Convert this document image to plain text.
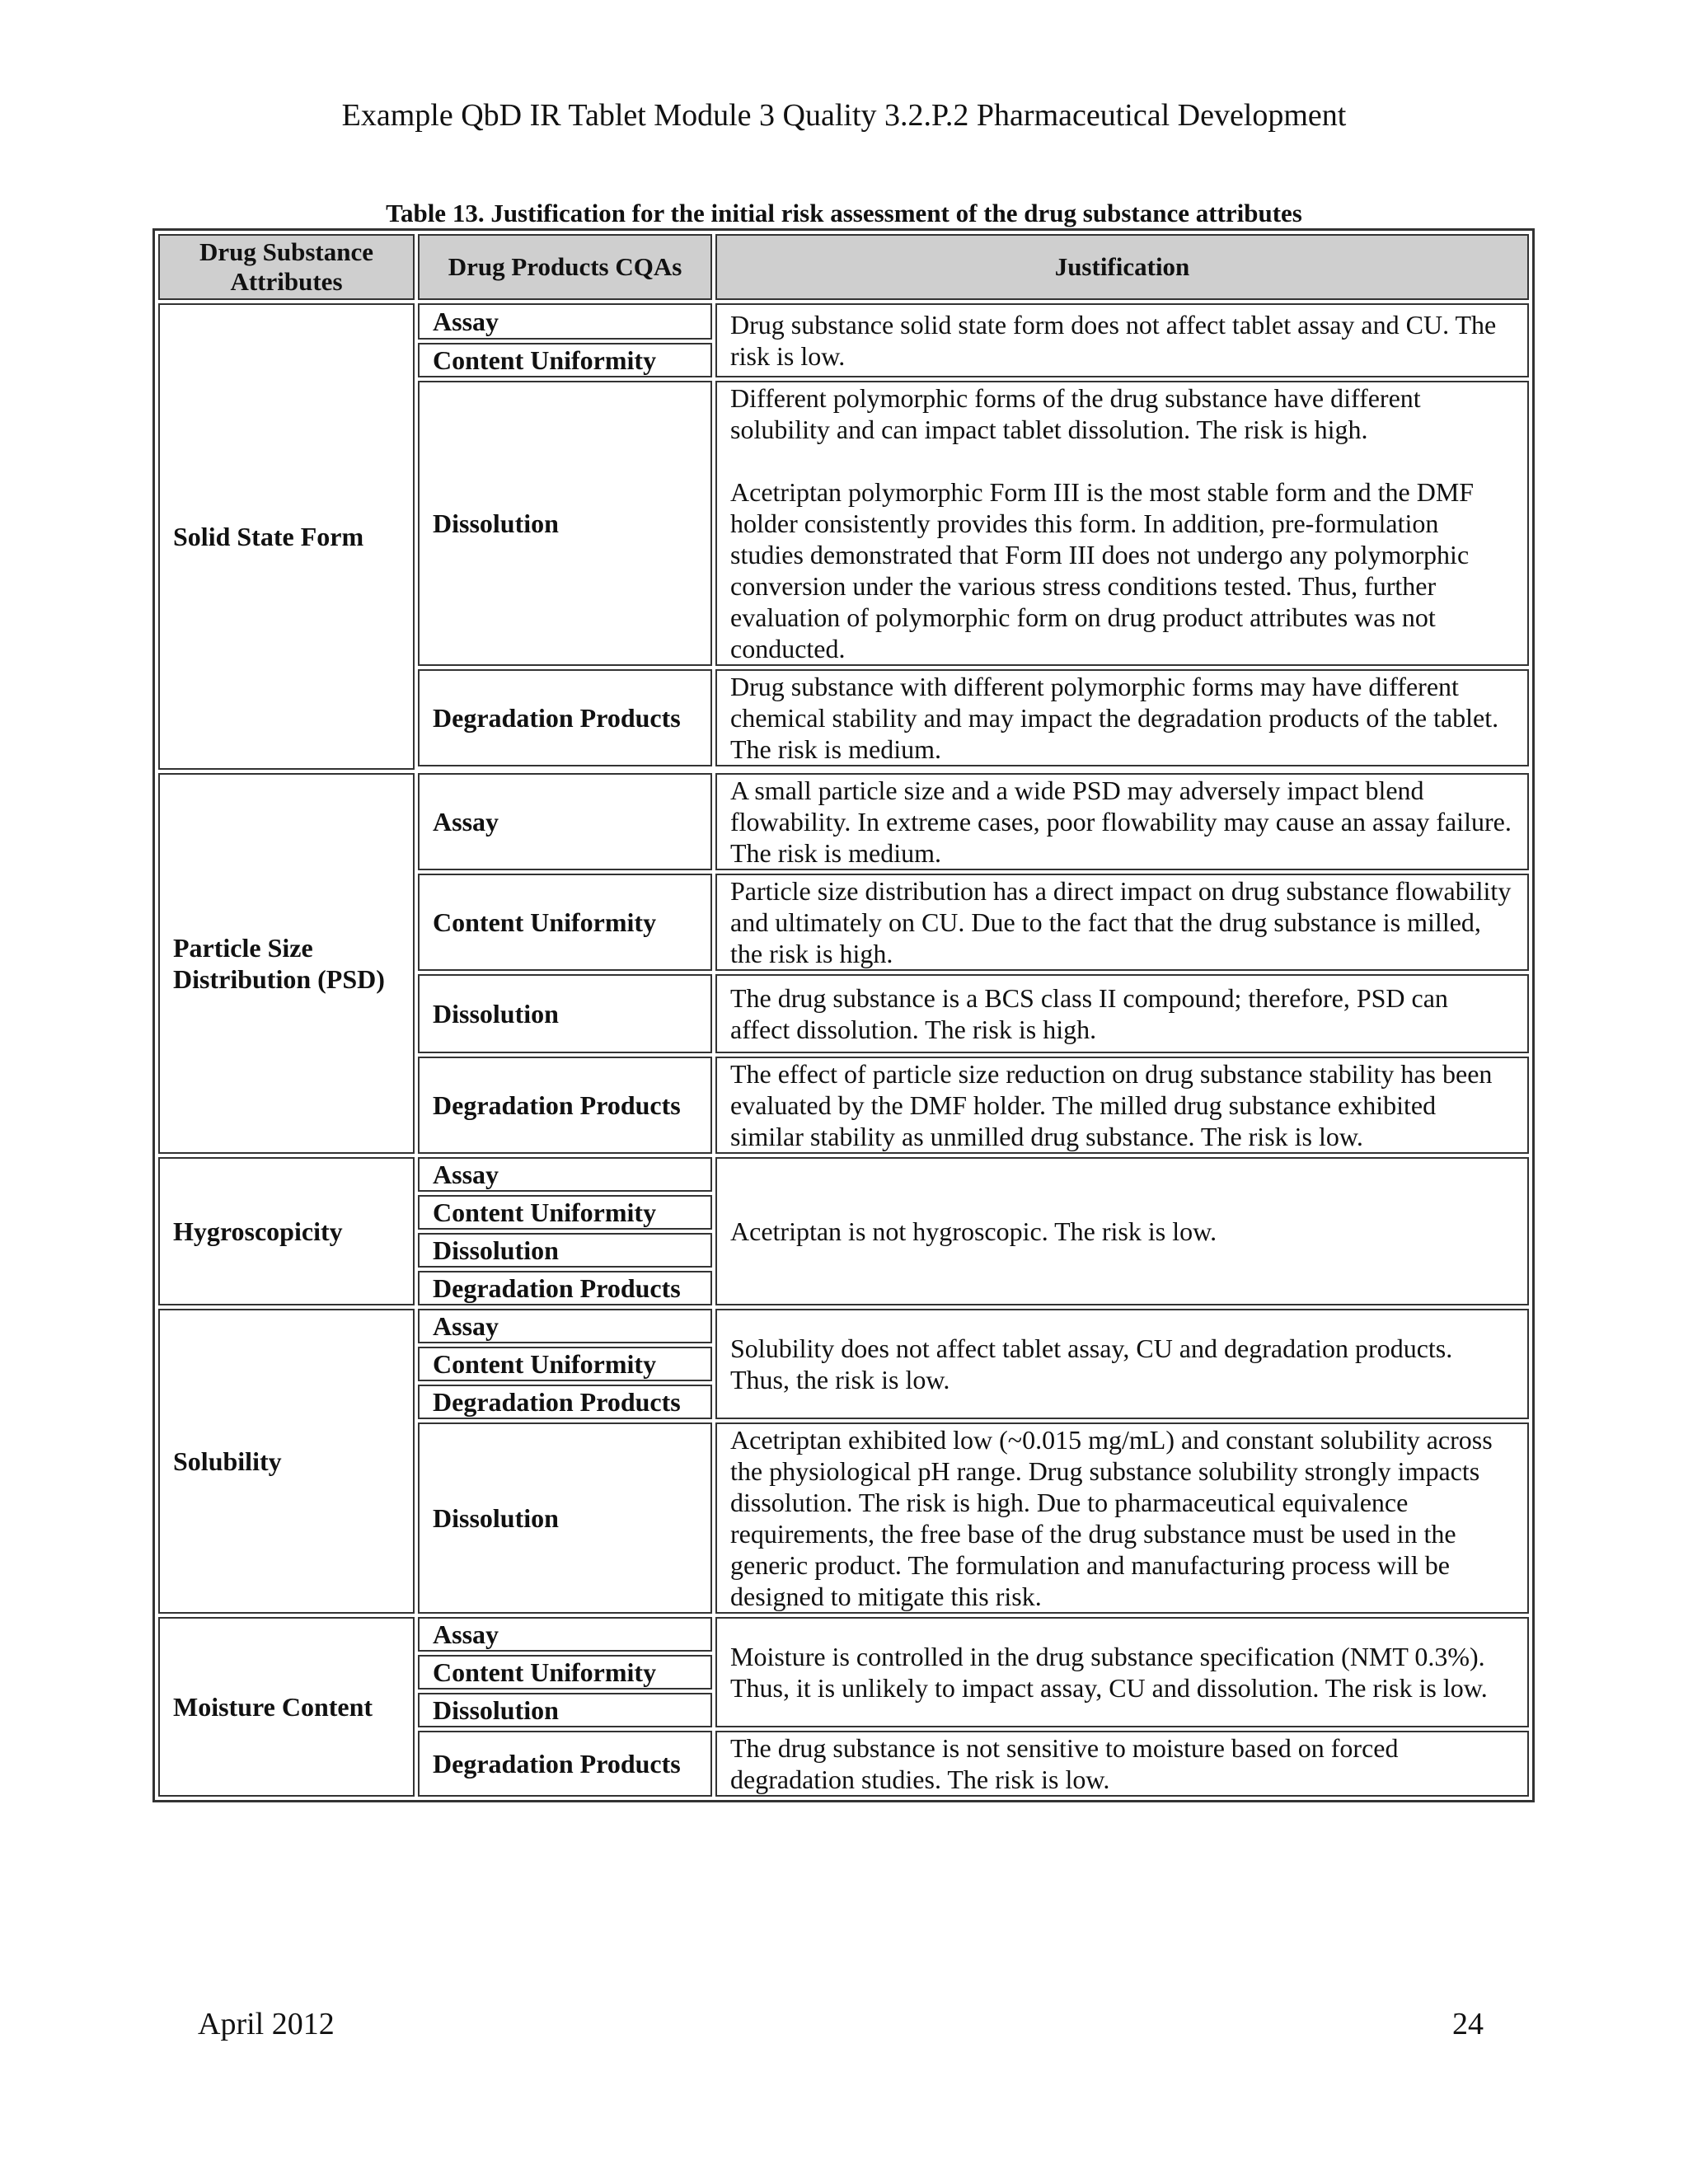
Example QbD IR Tablet Module 3 Quality 3.2.P.2 Pharmaceutical Development
Table 13. Justification for the initial risk assessment of the drug substance attributes
Drug Substance Attributes	Drug Products CQAs	Justification
Solid State Form	Assay	Drug substance solid state form does not affect tablet assay and CU. The risk is low.
	Content Uniformity	
	Dissolution	Different polymorphic forms of the drug substance have different solubility and can impact tablet dissolution. The risk is high.

Acetriptan polymorphic Form III is the most stable form and the DMF holder consistently provides this form. In addition, pre-formulation studies demonstrated that Form III does not undergo any polymorphic conversion under the various stress conditions tested. Thus, further evaluation of polymorphic form on drug product attributes was not conducted.

	Degradation Products	Drug substance with different polymorphic forms may have different chemical stability and may impact the degradation products of the tablet. The risk is medium.

Particle Size Distribution (PSD)	Assay	A small particle size and a wide PSD may adversely impact blend flowability. In extreme cases, poor flowability may cause an assay failure. The risk is medium.
	Content Uniformity	Particle size distribution has a direct impact on drug substance flowability and ultimately on CU. Due to the fact that the drug substance is milled, the risk is high.
	Dissolution	The drug substance is a BCS class II compound; therefore, PSD can affect dissolution. The risk is high.
	Degradation Products	The effect of particle size reduction on drug substance stability has been evaluated by the DMF holder. The milled drug substance exhibited similar stability as unmilled drug substance. The risk is low.
Hygroscopicity	Assay	Acetriptan is not hygroscopic. The risk is low.
	Content Uniformity	
	Dissolution	
	Degradation Products	
Solubility	Assay	Solubility does not affect tablet assay, CU and degradation products. Thus, the risk is low.
	Content Uniformity	
	Degradation Products	
	Dissolution	Acetriptan exhibited low (~0.015 mg/mL) and constant solubility across the physiological pH range. Drug substance solubility strongly impacts dissolution. The risk is high. Due to pharmaceutical equivalence requirements, the free base of the drug substance must be used in the generic product. The formulation and manufacturing process will be designed to mitigate this risk.
Moisture Content	Assay	Moisture is controlled in the drug substance specification (NMT 0.3%). Thus, it is unlikely to impact assay, CU and dissolution. The risk is low.
	Content Uniformity	
	Dissolution	
	Degradation Products	The drug substance is not sensitive to moisture based on forced degradation studies. The risk is low.
April 2012	24
